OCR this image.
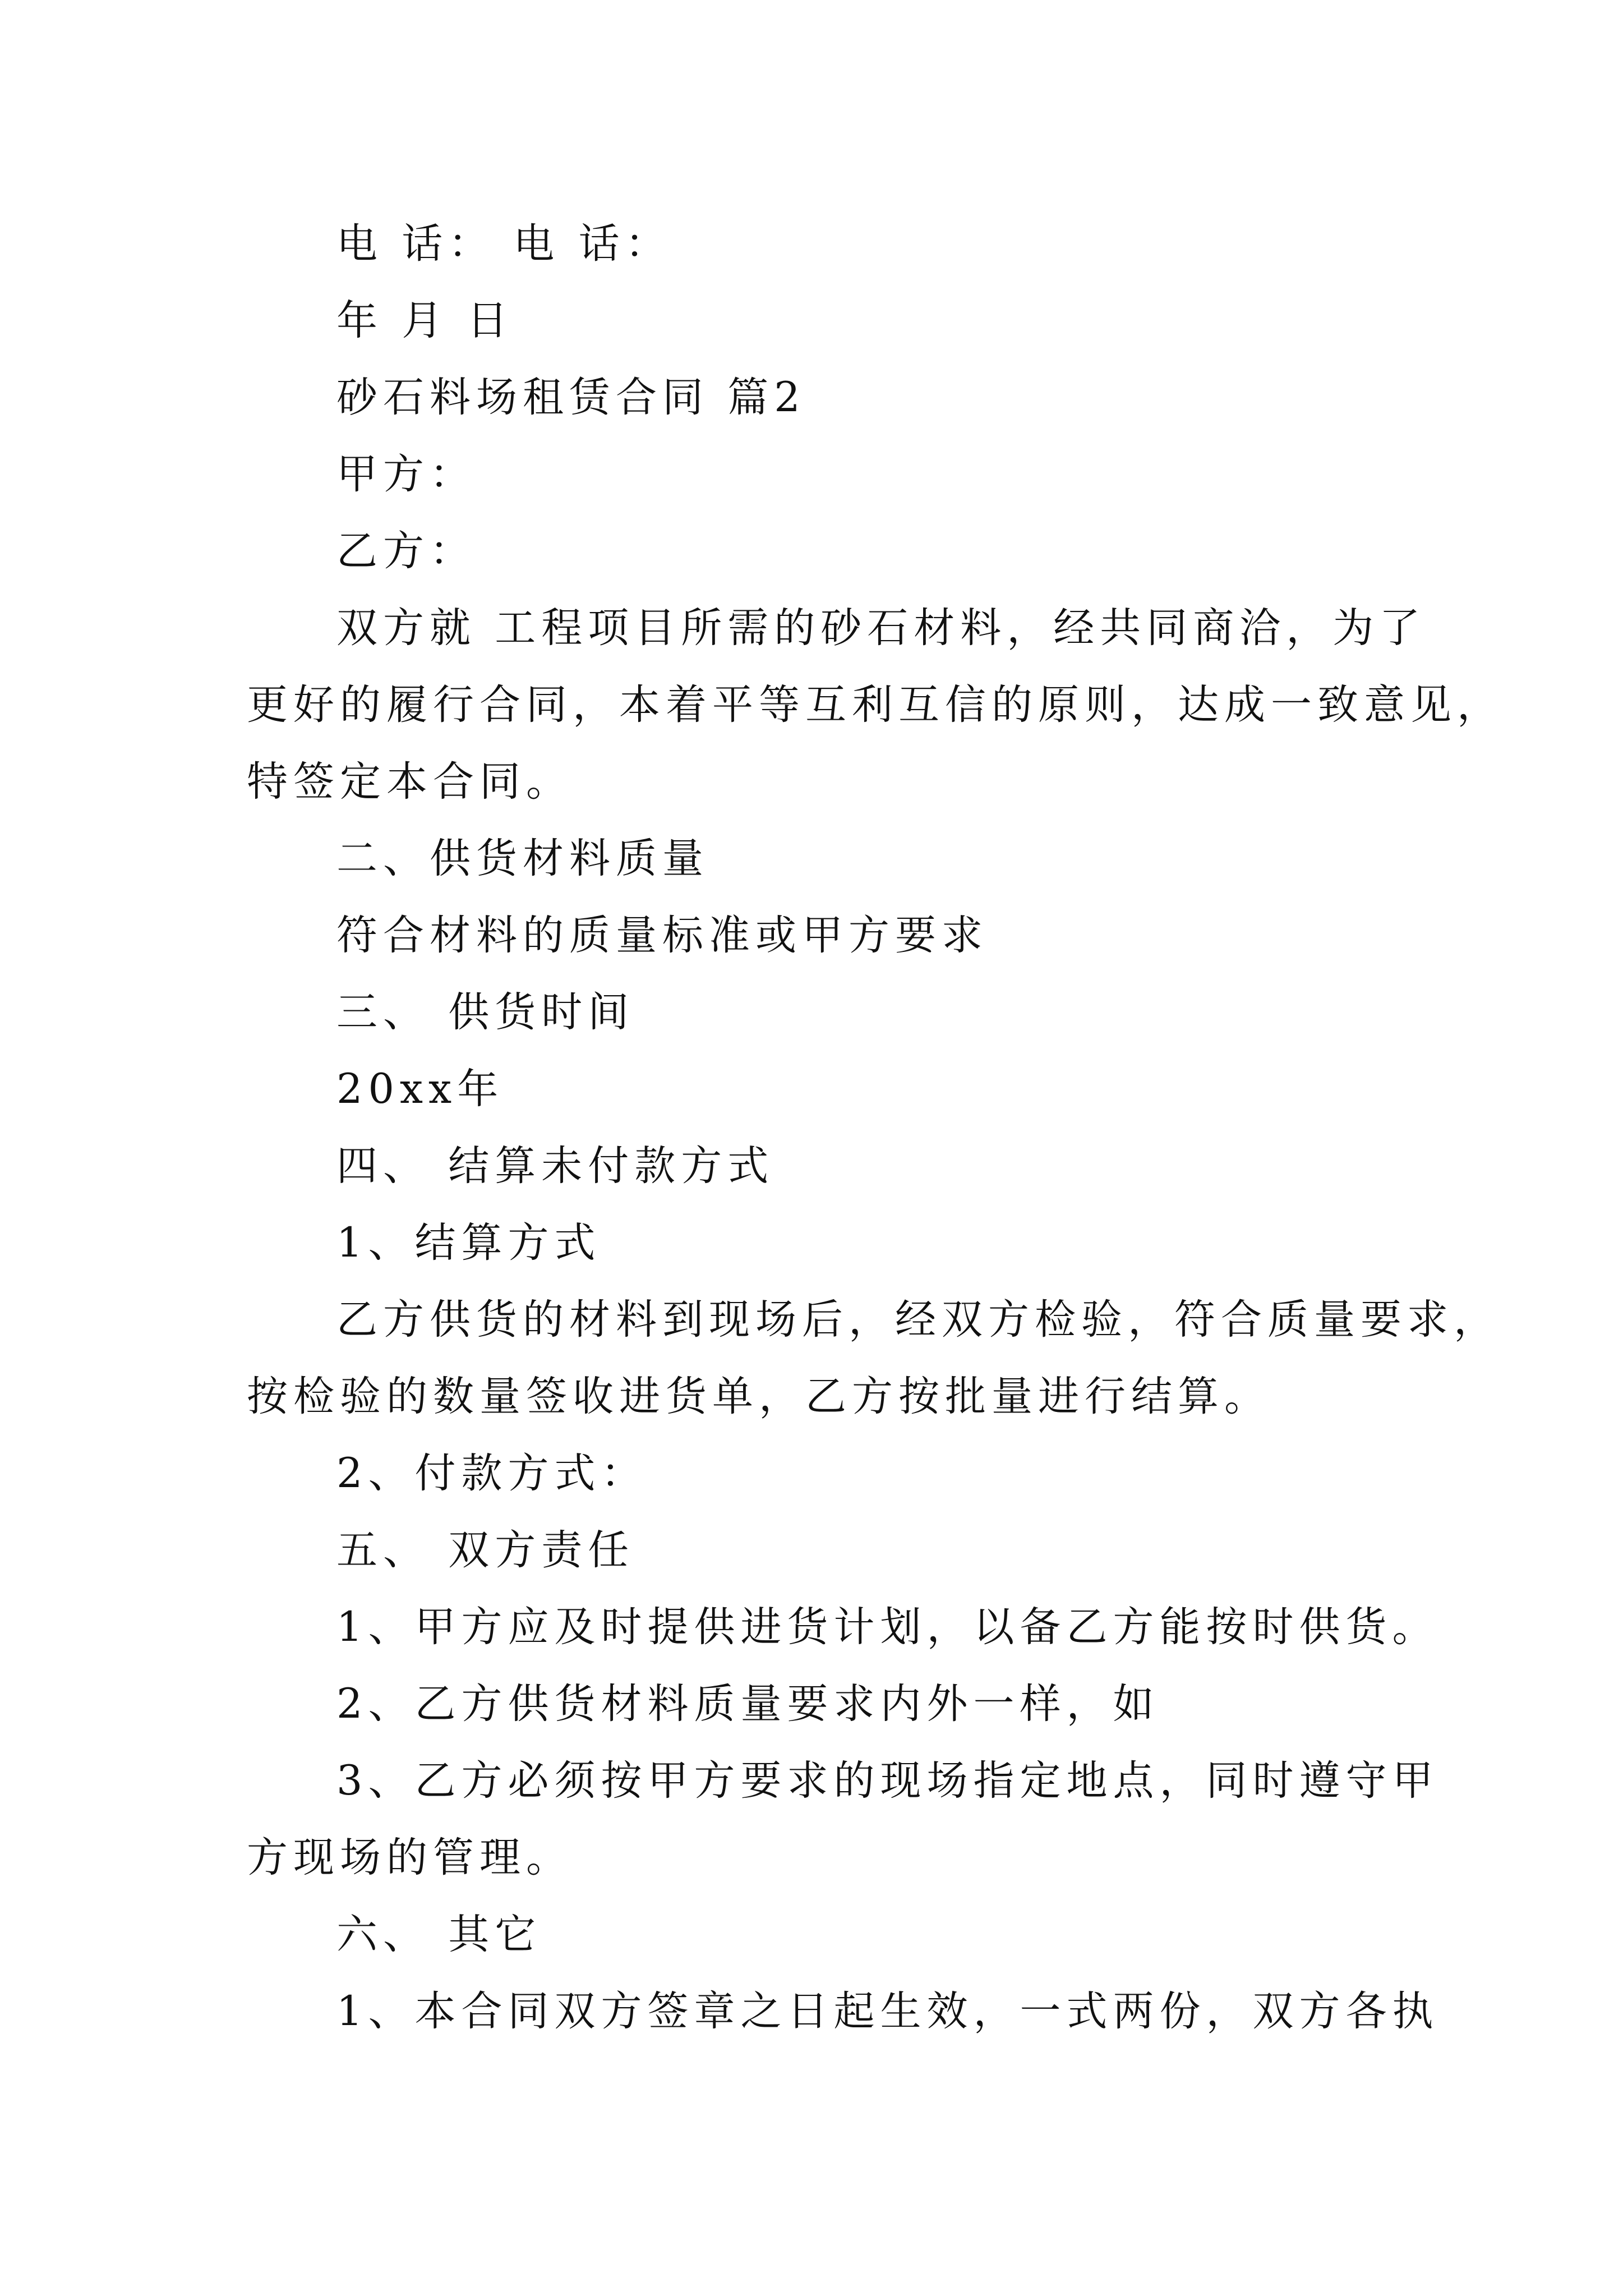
电 话： 电 话：
年 月 日
砂石料场租赁合同 篇2
甲方：
乙方：
双方就 工程项目所需的砂石材料，经共同商洽，为了
更好的履行合同，本着平等互利互信的原则，达成一致意见，
特签定本合同。
二、供货材料质量
符合材料的质量标准或甲方要求
三、 供货时间
20xx年
四、 结算未付款方式
1、结算方式
乙方供货的材料到现场后，经双方检验，符合质量要求，
按检验的数量签收进货单，乙方按批量进行结算。
2、付款方式：
五、 双方责任
1、甲方应及时提供进货计划，以备乙方能按时供货。
2、乙方供货材料质量要求内外一样，如
3、乙方必须按甲方要求的现场指定地点，同时遵守甲
方现场的管理。
六、 其它
1、本合同双方签章之日起生效，一式两份，双方各执
